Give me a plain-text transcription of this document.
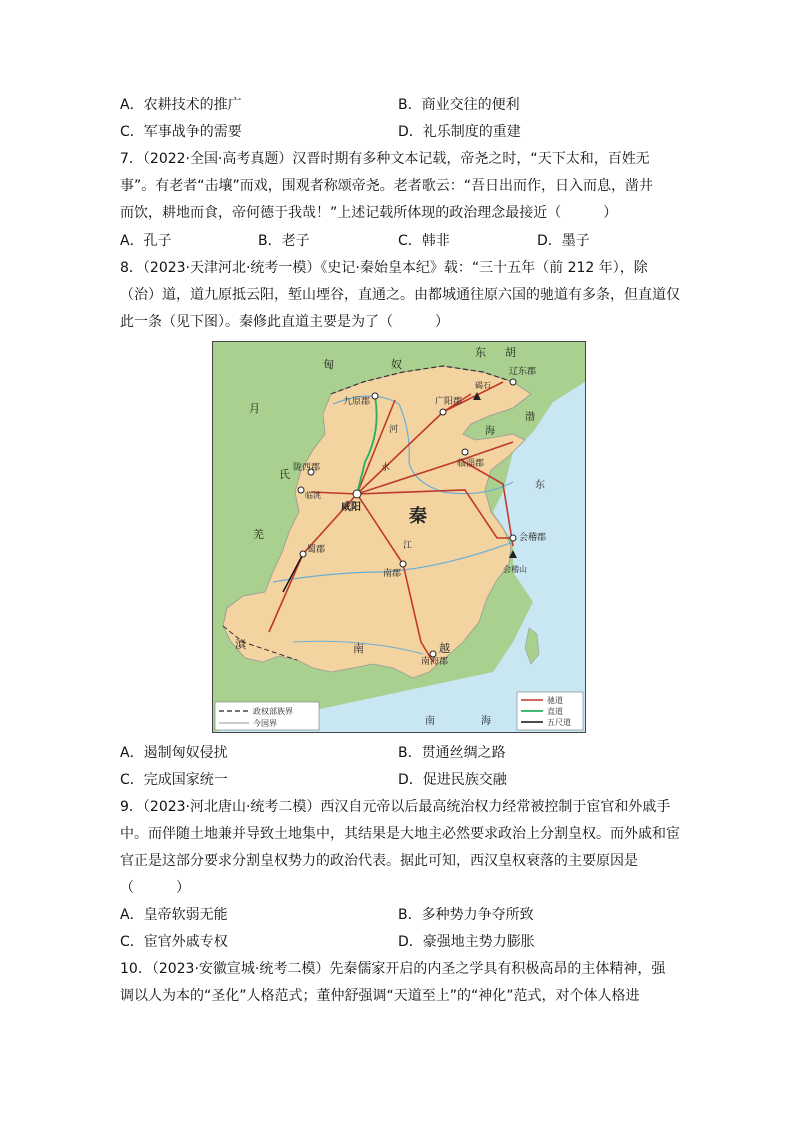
A．农耕技术的推广	B．商业交往的便利
C．军事战争的需要	D．礼乐制度的重建
7．（2022·全国·高考真题）汉晋时期有多种文本记载，帝尧之时，“天下太和，百姓无
事”。有老者“击壤”而戏，围观者称颂帝尧。老者歌云：“吾日出而作，日入而息，凿井
而饮，耕地而食，帝何德于我哉！”上述记载所体现的政治理念最接近（　　　）
A．孔子	B．老子	C．韩非	D．墨子
8．（2023·天津河北·统考一模）《史记·秦始皇本纪》载：“三十五年（前 212 年），除
（治）道，道九原抵云阳，堑山堙谷，直通之。由都城通往原六国的驰道有多条，但直道仅
此一条（见下图）。秦修此直道主要是为了（　　　）
匈	奴
东 胡
月
氏
羌
滇
秦
南	越
九原郡	广阳郡
碣石
辽东郡
临淄郡
陇西郡
临洮
咸阳
蜀郡
南郡
会稽郡
会稽山
南海郡
渤
海
东
南	海
河
水
江
政权部族界
今国界
驰道
直道
五尺道
A．遏制匈奴侵扰	B．贯通丝绸之路
C．完成国家统一	D．促进民族交融
9．（2023·河北唐山·统考二模）西汉自元帝以后最高统治权力经常被控制于宦官和外戚手
中。而伴随土地兼并导致土地集中，其结果是大地主必然要求政治上分割皇权。而外戚和宦
官正是这部分要求分割皇权势力的政治代表。据此可知，西汉皇权衰落的主要原因是
（　　　）
A．皇帝软弱无能	B．多种势力争夺所致
C．宦官外戚专权	D．豪强地主势力膨胀
10．（2023·安徽宣城·统考二模）先秦儒家开启的内圣之学具有积极高昂的主体精神，强
调以人为本的“圣化”人格范式；董仲舒强调“天道至上”的“神化”范式，对个体人格进
